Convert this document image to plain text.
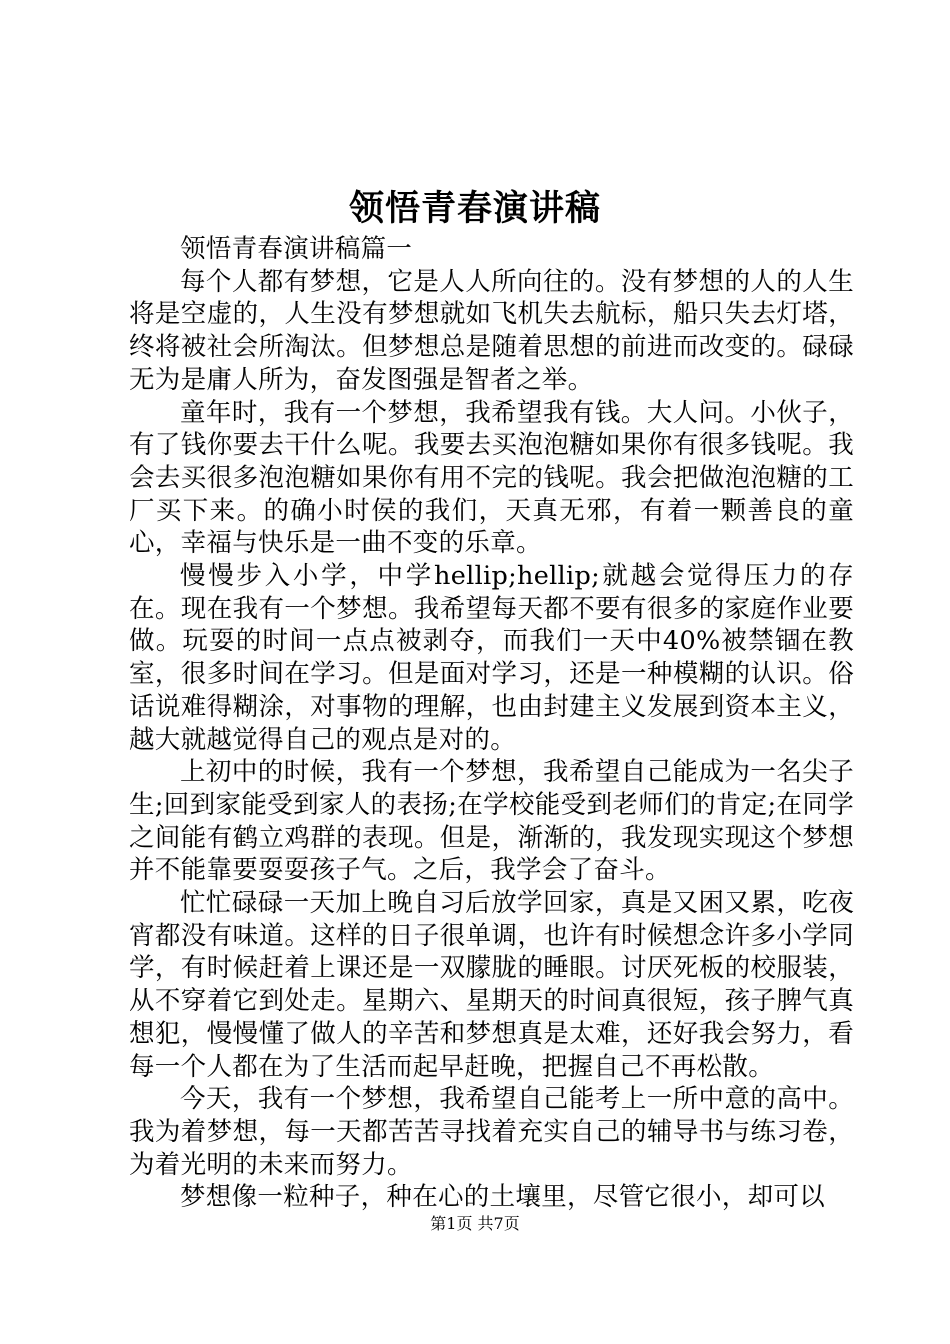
领悟青春演讲稿

领悟青春演讲稿篇一

每个人都有梦想，它是人人所向往的。没有梦想的人的人生将是空虚的，人生没有梦想就如飞机失去航标，船只失去灯塔，终将被社会所淘汰。但梦想总是随着思想的前进而改变的。碌碌无为是庸人所为，奋发图强是智者之举。

童年时，我有一个梦想，我希望我有钱。大人问。小伙子，有了钱你要去干什么呢。我要去买泡泡糖如果你有很多钱呢。我会去买很多泡泡糖如果你有用不完的钱呢。我会把做泡泡糖的工厂买下来。的确小时侯的我们，天真无邪，有着一颗善良的童心，幸福与快乐是一曲不变的乐章。

慢慢步入小学，中学hellip;hellip;就越会觉得压力的存在。现在我有一个梦想。我希望每天都不要有很多的家庭作业要做。玩耍的时间一点点被剥夺，而我们一天中40%被禁锢在教室，很多时间在学习。但是面对学习，还是一种模糊的认识。俗话说难得糊涂，对事物的理解，也由封建主义发展到资本主义，越大就越觉得自己的观点是对的。

上初中的时候，我有一个梦想，我希望自己能成为一名尖子生;回到家能受到家人的表扬;在学校能受到老师们的肯定;在同学之间能有鹤立鸡群的表现。但是，渐渐的，我发现实现这个梦想并不能靠要耍耍孩子气。之后，我学会了奋斗。

忙忙碌碌一天加上晚自习后放学回家，真是又困又累，吃夜宵都没有味道。这样的日子很单调，也许有时候想念许多小学同学，有时候赶着上课还是一双朦胧的睡眼。讨厌死板的校服装，从不穿着它到处走。星期六、星期天的时间真很短，孩子脾气真想犯，慢慢懂了做人的辛苦和梦想真是太难，还好我会努力，看每一个人都在为了生活而起早赶晚，把握自己不再松散。

今天，我有一个梦想，我希望自己能考上一所中意的高中。我为着梦想，每一天都苦苦寻找着充实自己的辅导书与练习卷，为着光明的未来而努力。

梦想像一粒种子，种在心的土壤里，尽管它很小，却可以

第1页 共7页
